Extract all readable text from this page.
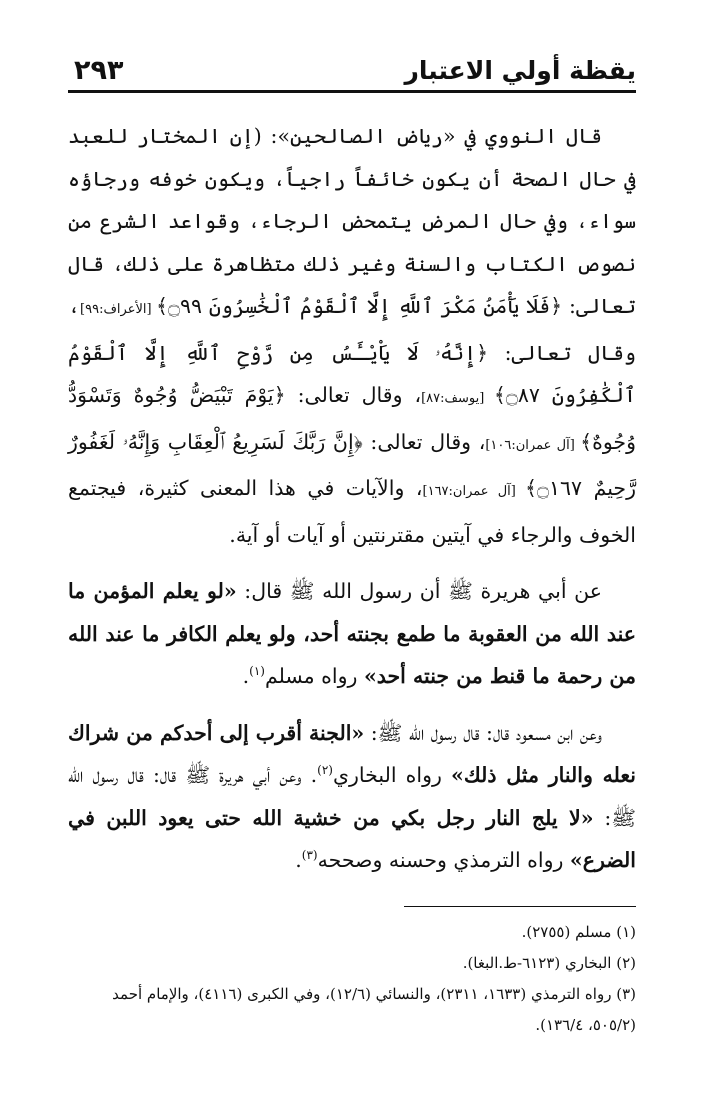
يقظة أولي الاعتبار
٢٩٣

قال النووي في «رياض الصالحين»: (إن المختار للعبد في حال الصحة أن يكون خائفاً راجياً، ويكون خوفه ورجاؤه سواء، وفي حال المرض يتمحض الرجاء، وقواعد الشرع من نصوص الكتاب والسنة وغير ذلك متظاهرة على ذلك، قال تعالى: ﴿فَلَا يَأْمَنُ مَكْرَ ٱللَّهِ إِلَّا ٱلْقَوْمُ ٱلْخَٰسِرُونَ ۝٩٩﴾ [الأعراف:٩٩]، وقال تعالى: ﴿إِنَّهُۥ لَا يَاْيْـَٔسُ مِن رَّوْحِ ٱللَّهِ إِلَّا ٱلْقَوْمُ ٱلْكَٰفِرُونَ ۝٨٧﴾ [يوسف:٨٧]، وقال تعالى: ﴿يَوْمَ تَبْيَضُّ وُجُوهٌ وَتَسْوَدُّ وُجُوهٌ﴾ [آل عمران:١٠٦]، وقال تعالى: ﴿إِنَّ رَبَّكَ لَسَرِيعُ ٱلْعِقَابِ وَإِنَّهُۥ لَغَفُورٌ رَّحِيمٌ ۝١٦٧﴾ [آل عمران:١٦٧]، والآيات في هذا المعنى كثيرة، فيجتمع الخوف والرجاء في آيتين مقترنتين أو آيات أو آية.

عن أبي هريرة ﷺ أن رسول الله ﷺ قال: «لو يعلم المؤمن ما عند الله من العقوبة ما طمع بجنته أحد، ولو يعلم الكافر ما عند الله من رحمة ما قنط من جنته أحد» رواه مسلم$^{(١)}$.

وعن ابن مسعود قال: قال رسول الله ﷺ: «الجنة أقرب إلى أحدكم من شراك نعله والنار مثل ذلك» رواه البخاري$^{(٢)}$. وعن أبي هريرة ﷺ قال: قال رسول الله ﷺ: «لا يلج النار رجل بكي من خشية الله حتى يعود اللبن في الضرع» رواه الترمذي وحسنه وصححه$^{(٣)}$.

(١) مسلم (٢٧٥٥).

(٢) البخاري (٦١٢٣-ط.البغا).

(٣) رواه الترمذي (١٦٣٣، ٢٣١١)، والنسائي (١٢/٦)، وفي الكبرى (٤١١٦)، والإمام أحمد (٥٠٥/٢، ١٣٦/٤).
